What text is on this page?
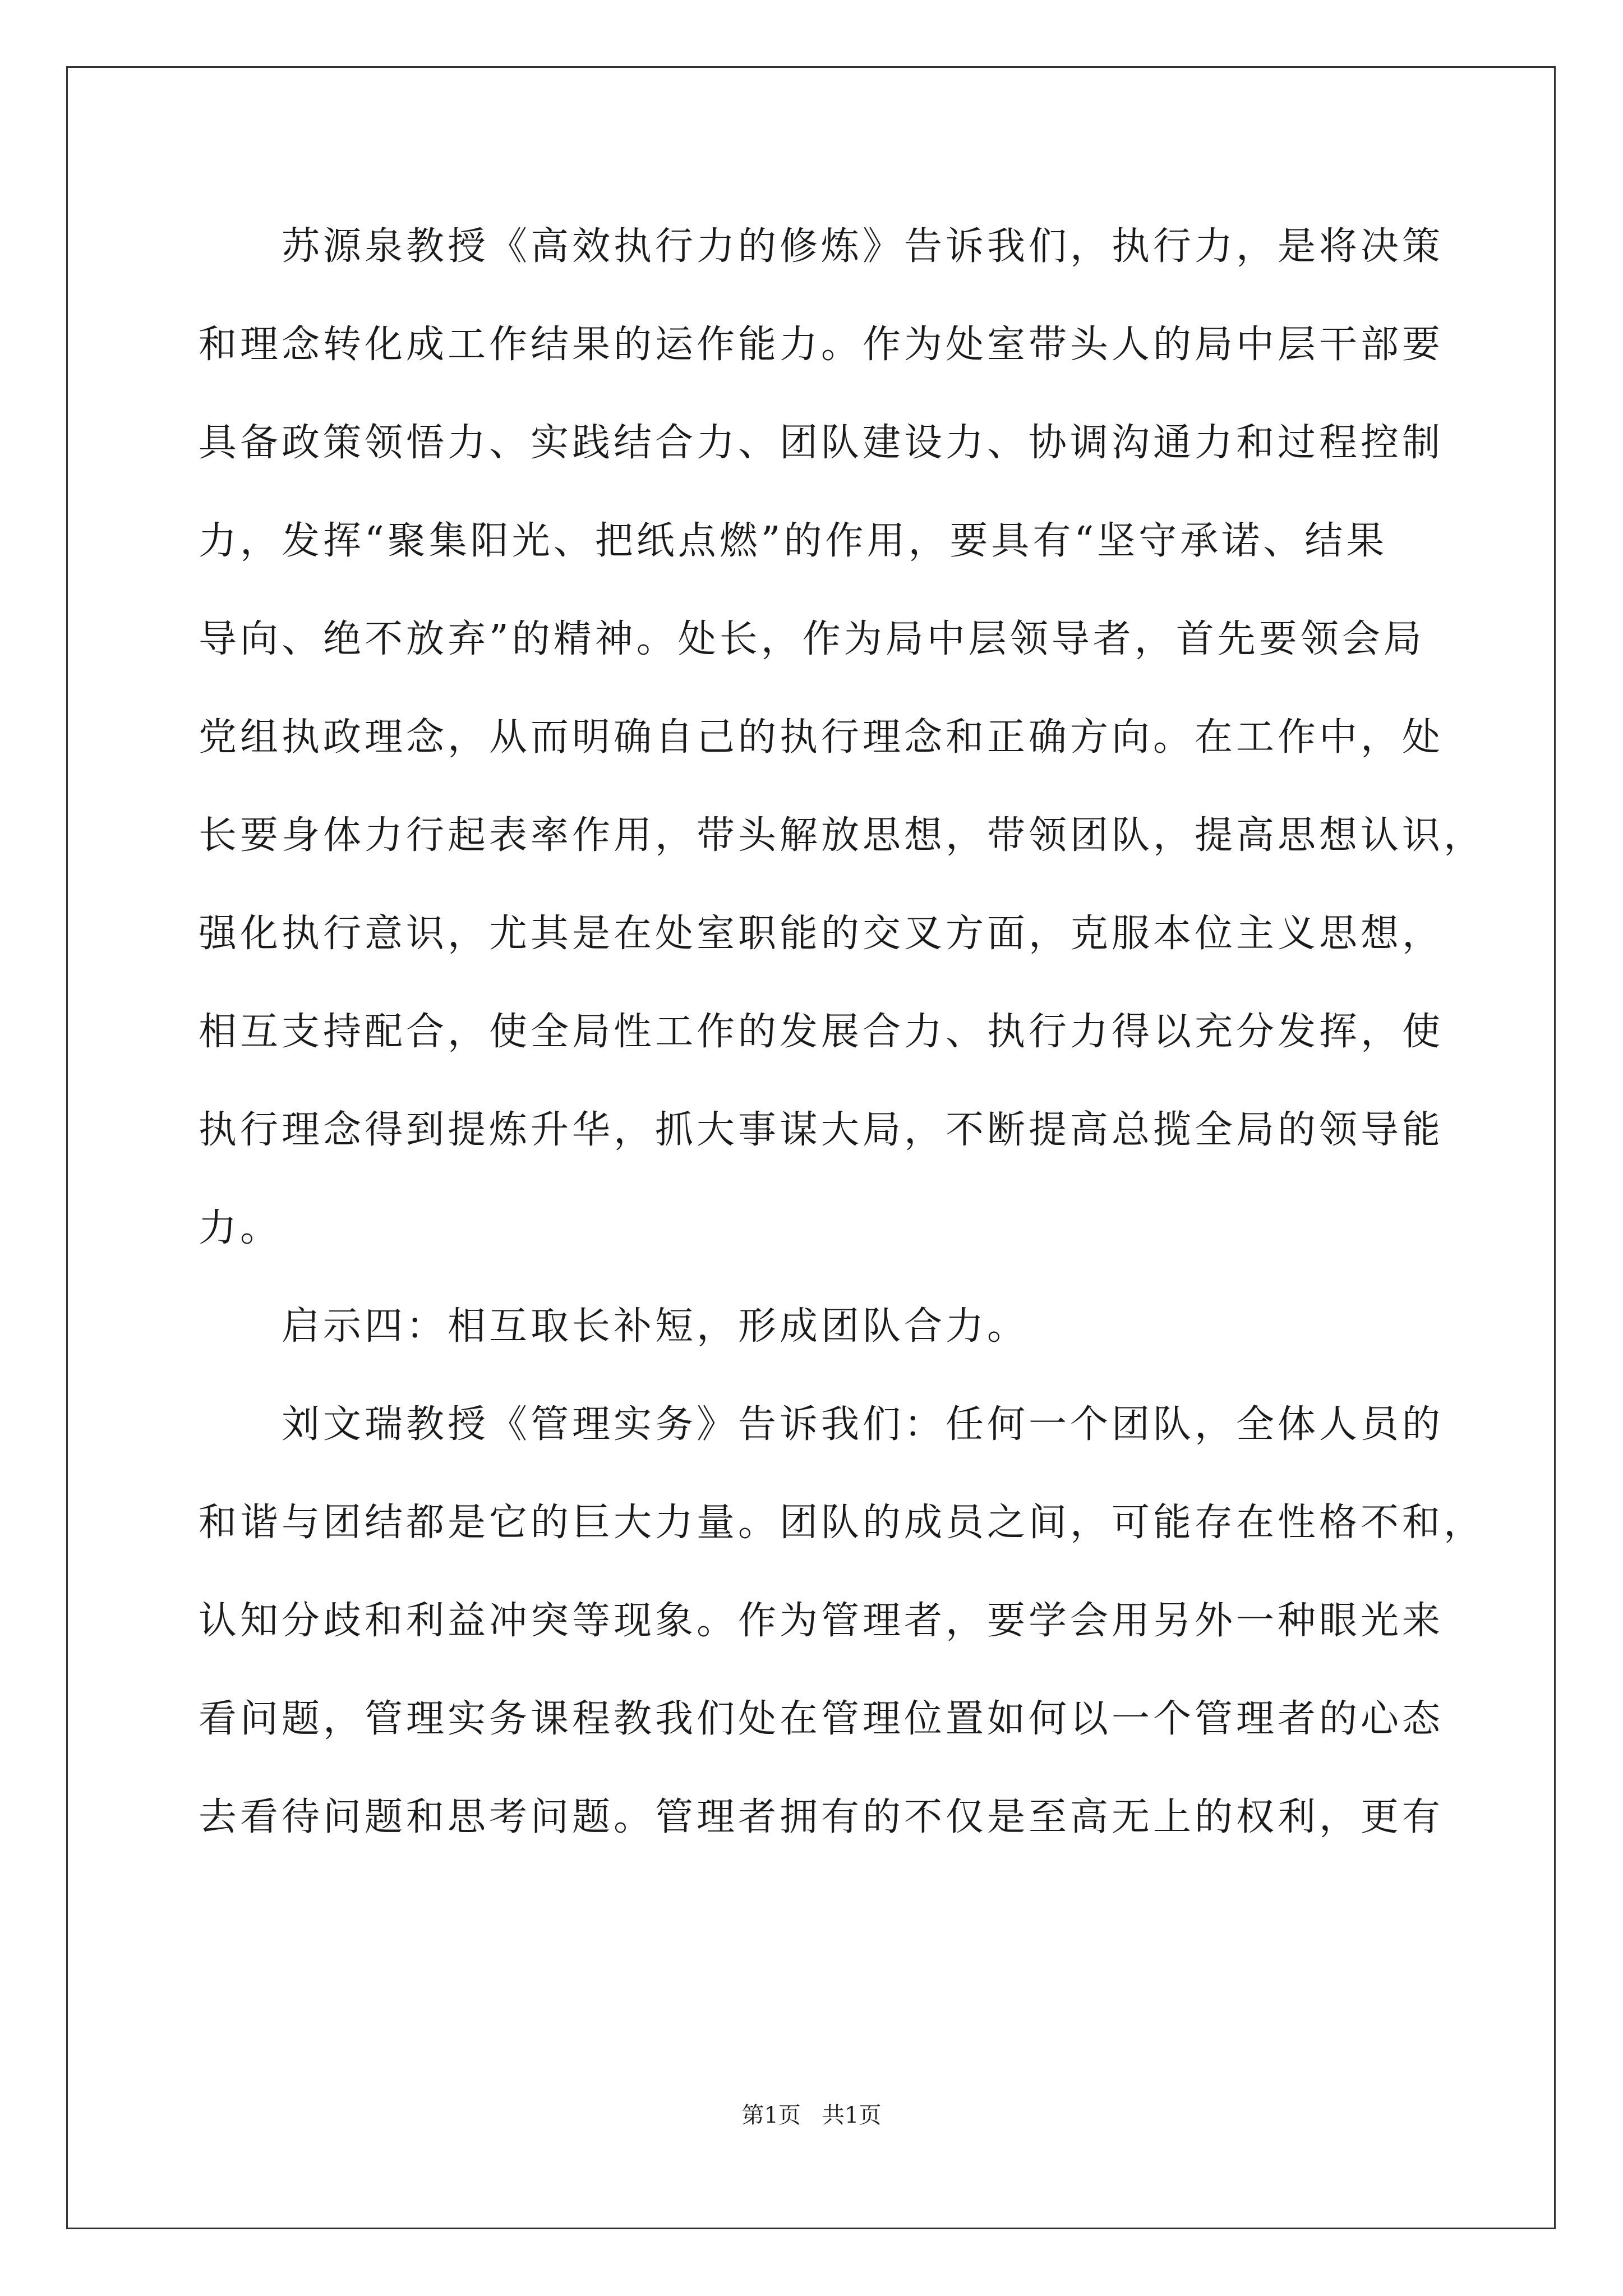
　　苏源泉教授《高效执行力的修炼》告诉我们，执行力，是将决策
和理念转化成工作结果的运作能力。作为处室带头人的局中层干部要
具备政策领悟力、实践结合力、团队建设力、协调沟通力和过程控制
力，发挥“聚集阳光、把纸点燃”的作用，要具有“坚守承诺、结果
导向、绝不放弃”的精神。处长，作为局中层领导者，首先要领会局
党组执政理念，从而明确自己的执行理念和正确方向。在工作中，处
长要身体力行起表率作用，带头解放思想，带领团队，提高思想认识，
强化执行意识，尤其是在处室职能的交叉方面，克服本位主义思想，
相互支持配合，使全局性工作的发展合力、执行力得以充分发挥，使
执行理念得到提炼升华，抓大事谋大局，不断提高总揽全局的领导能
力。
　　启示四：相互取长补短，形成团队合力。
　　刘文瑞教授《管理实务》告诉我们：任何一个团队，全体人员的
和谐与团结都是它的巨大力量。团队的成员之间，可能存在性格不和，
认知分歧和利益冲突等现象。作为管理者，要学会用另外一种眼光来
看问题，管理实务课程教我们处在管理位置如何以一个管理者的心态
去看待问题和思考问题。管理者拥有的不仅是至高无上的权利，更有
第1页   共1页
